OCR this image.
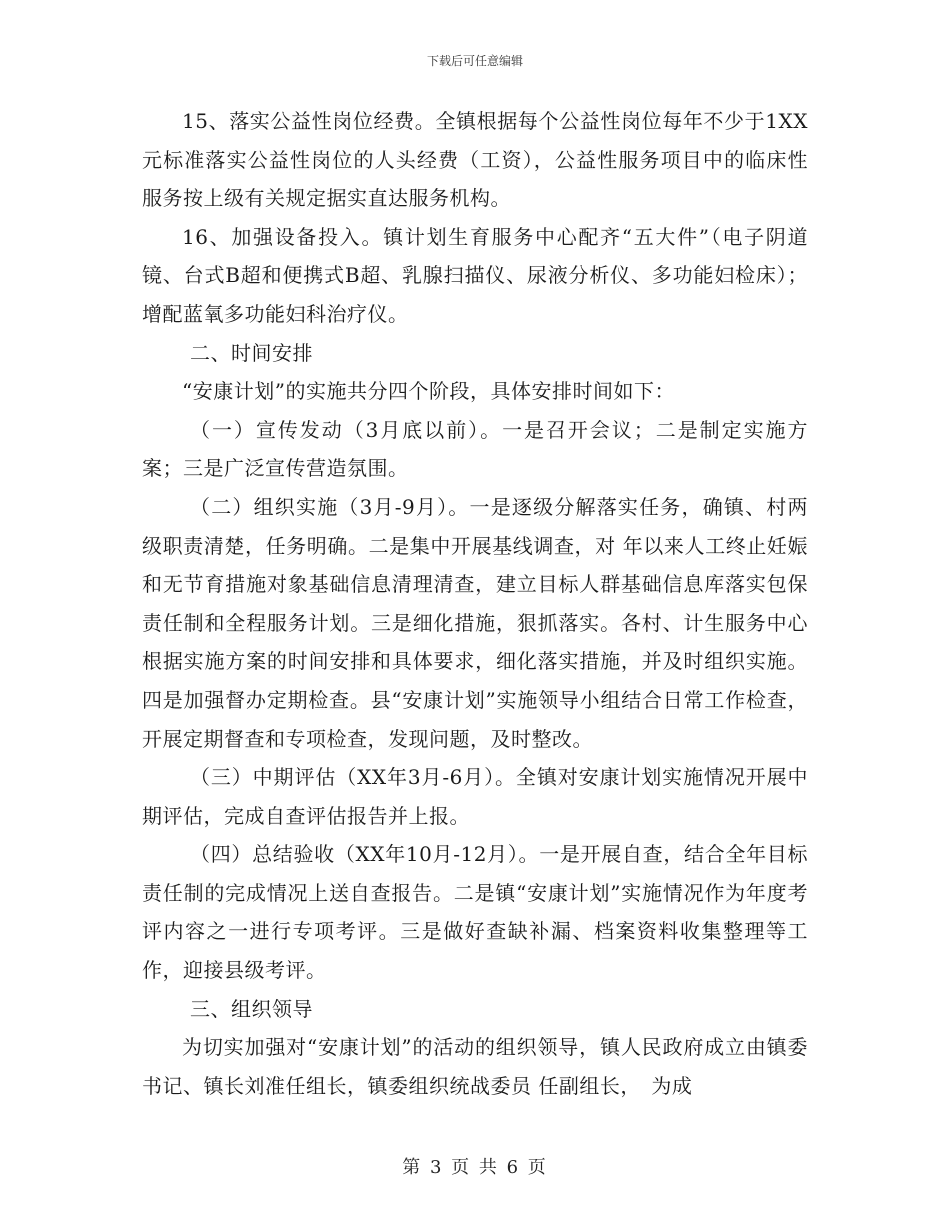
下载后可任意编辑

15、落实公益性岗位经费。全镇根据每个公益性岗位每年不少于1XX元标准落实公益性岗位的人头经费（工资），公益性服务项目中的临床性服务按上级有关规定据实直达服务机构。

16、加强设备投入。镇计划生育服务中心配齐“五大件”（电子阴道镜、台式B超和便携式B超、乳腺扫描仪、尿液分析仪、多功能妇检床）；增配蓝氧多功能妇科治疗仪。

二、时间安排

“安康计划”的实施共分四个阶段，具体安排时间如下：

（一）宣传发动（3月底以前）。一是召开会议；二是制定实施方案；三是广泛宣传营造氛围。

（二）组织实施（3月-9月）。一是逐级分解落实任务，确镇、村两级职责清楚，任务明确。二是集中开展基线调查，对 年以来人工终止妊娠和无节育措施对象基础信息清理清查，建立目标人群基础信息库落实包保责任制和全程服务计划。三是细化措施，狠抓落实。各村、计生服务中心根据实施方案的时间安排和具体要求，细化落实措施，并及时组织实施。四是加强督办定期检查。县“安康计划”实施领导小组结合日常工作检查，开展定期督查和专项检查，发现问题，及时整改。

（三）中期评估（XX年3月-6月）。全镇对安康计划实施情况开展中期评估，完成自查评估报告并上报。

（四）总结验收（XX年10月-12月）。一是开展自查，结合全年目标责任制的完成情况上送自查报告。二是镇“安康计划”实施情况作为年度考评内容之一进行专项考评。三是做好查缺补漏、档案资料收集整理等工作，迎接县级考评。

三、组织领导

为切实加强对“安康计划”的活动的组织领导，镇人民政府成立由镇委书记、镇长刘准任组长，镇委组织统战委员 任副组长，　为成

第 3 页 共 6 页
